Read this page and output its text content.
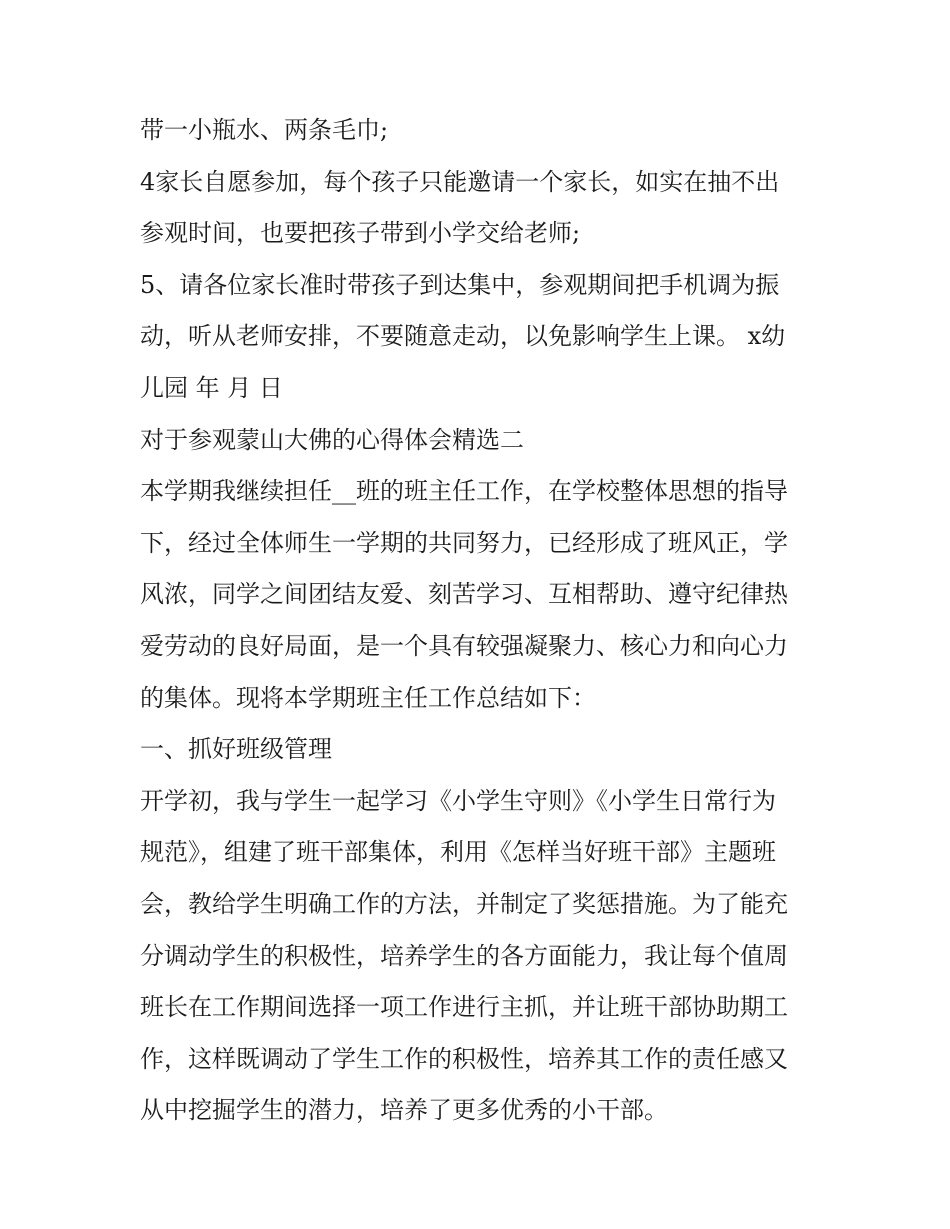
带一小瓶水、两条毛巾;
4家长自愿参加，每个孩子只能邀请一个家长，如实在抽不出
参观时间，也要把孩子带到小学交给老师;
5、请各位家长准时带孩子到达集中，参观期间把手机调为振
动，听从老师安排，不要随意走动，以免影响学生上课。 x幼
儿园 年 月 日
对于参观蒙山大佛的心得体会精选二
本学期我继续担任__班的班主任工作，在学校整体思想的指导
下，经过全体师生一学期的共同努力，已经形成了班风正，学
风浓，同学之间团结友爱、刻苦学习、互相帮助、遵守纪律热
爱劳动的良好局面，是一个具有较强凝聚力、核心力和向心力
的集体。现将本学期班主任工作总结如下：
一、抓好班级管理
开学初，我与学生一起学习《小学生守则》《小学生日常行为
规范》，组建了班干部集体，利用《怎样当好班干部》主题班
会，教给学生明确工作的方法，并制定了奖惩措施。为了能充
分调动学生的积极性，培养学生的各方面能力，我让每个值周
班长在工作期间选择一项工作进行主抓，并让班干部协助期工
作，这样既调动了学生工作的积极性，培养其工作的责任感又
从中挖掘学生的潜力，培养了更多优秀的小干部。
